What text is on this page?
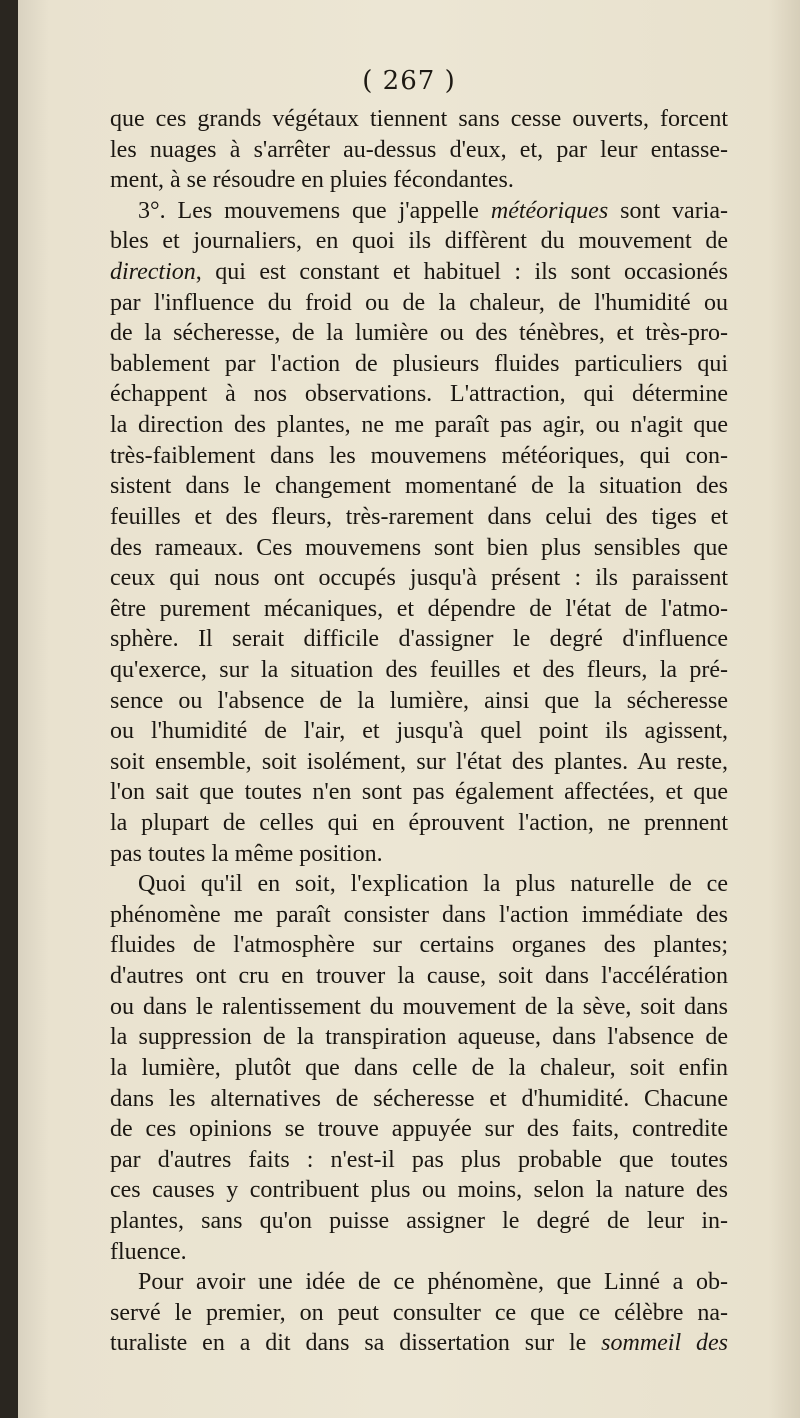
( 267 )
que ces grands végétaux tiennent sans cesse ouverts, forcent
les nuages à s'arrêter au-dessus d'eux, et, par leur entasse-
ment, à se résoudre en pluies fécondantes.
3°. Les mouvemens que j'appelle météoriques sont varia-
bles et journaliers, en quoi ils diffèrent du mouvement de
direction, qui est constant et habituel : ils sont occasionés
par l'influence du froid ou de la chaleur, de l'humidité ou
de la sécheresse, de la lumière ou des ténèbres, et très-pro-
bablement par l'action de plusieurs fluides particuliers qui
échappent à nos observations. L'attraction, qui détermine
la direction des plantes, ne me paraît pas agir, ou n'agit que
très-faiblement dans les mouvemens météoriques, qui con-
sistent dans le changement momentané de la situation des
feuilles et des fleurs, très-rarement dans celui des tiges et
des rameaux. Ces mouvemens sont bien plus sensibles que
ceux qui nous ont occupés jusqu'à présent : ils paraissent
être purement mécaniques, et dépendre de l'état de l'atmo-
sphère. Il serait difficile d'assigner le degré d'influence
qu'exerce, sur la situation des feuilles et des fleurs, la pré-
sence ou l'absence de la lumière, ainsi que la sécheresse
ou l'humidité de l'air, et jusqu'à quel point ils agissent,
soit ensemble, soit isolément, sur l'état des plantes. Au reste,
l'on sait que toutes n'en sont pas également affectées, et que
la plupart de celles qui en éprouvent l'action, ne prennent
pas toutes la même position.
Quoi qu'il en soit, l'explication la plus naturelle de ce
phénomène me paraît consister dans l'action immédiate des
fluides de l'atmosphère sur certains organes des plantes;
d'autres ont cru en trouver la cause, soit dans l'accélération
ou dans le ralentissement du mouvement de la sève, soit dans
la suppression de la transpiration aqueuse, dans l'absence de
la lumière, plutôt que dans celle de la chaleur, soit enfin
dans les alternatives de sécheresse et d'humidité. Chacune
de ces opinions se trouve appuyée sur des faits, contredite
par d'autres faits : n'est-il pas plus probable que toutes
ces causes y contribuent plus ou moins, selon la nature des
plantes, sans qu'on puisse assigner le degré de leur in-
fluence.
Pour avoir une idée de ce phénomène, que Linné a ob-
servé le premier, on peut consulter ce que ce célèbre na-
turaliste en a dit dans sa dissertation sur le sommeil des
